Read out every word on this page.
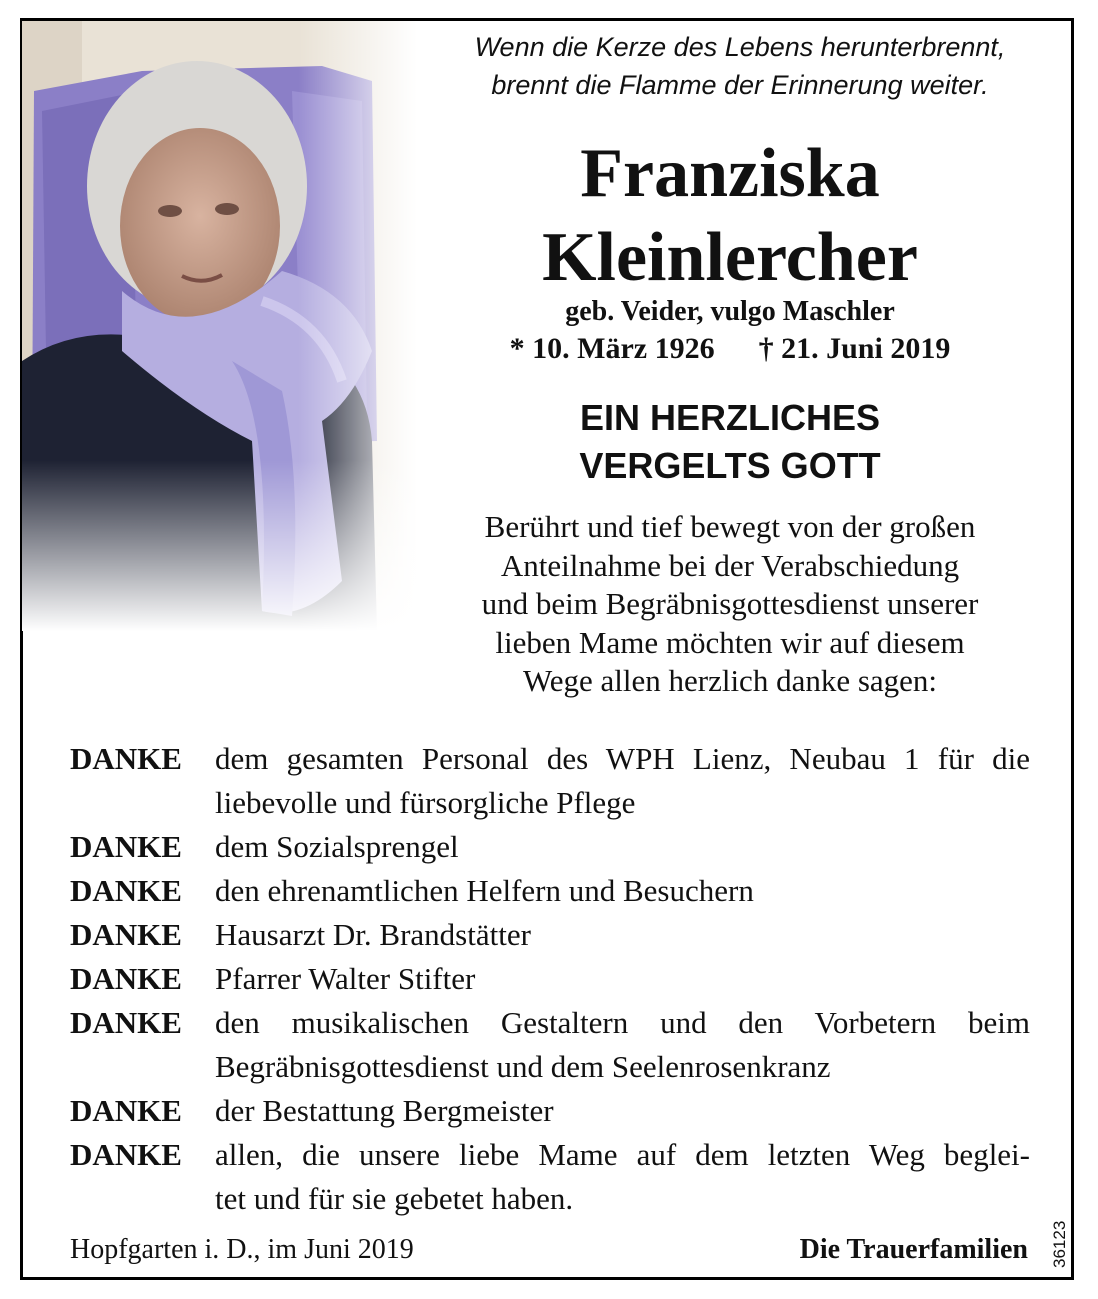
Wenn die Kerze des Lebens herunterbrennt,
brennt die Flamme der Erinnerung weiter.
Franziska
Kleinlercher
geb. Veider, vulgo Maschler
* 10. März 1926 † 21. Juni 2019
EIN HERZLICHES
VERGELTS GOTT
Berührt und tief bewegt von der großen
Anteilnahme bei der Verabschiedung
und beim Begräbnisgottesdienst unserer
lieben Mame möchten wir auf diesem
Wege allen herzlich danke sagen:
DANKE	dem gesamten Personal des WPH Lienz, Neubau 1 für die
liebevolle und fürsorgliche Pflege
DANKE	dem Sozialsprengel
DANKE	den ehrenamtlichen Helfern und Besuchern
DANKE	Hausarzt Dr. Brandstätter
DANKE	Pfarrer Walter Stifter
DANKE	den musikalischen Gestaltern und den Vorbetern beim
Begräbnisgottesdienst und dem Seelenrosenkranz
DANKE	der Bestattung Bergmeister
DANKE	allen, die unsere liebe Mame auf dem letzten Weg beglei-
tet und für sie gebetet haben.
Hopfgarten i. D., im Juni 2019	Die Trauerfamilien 36123
